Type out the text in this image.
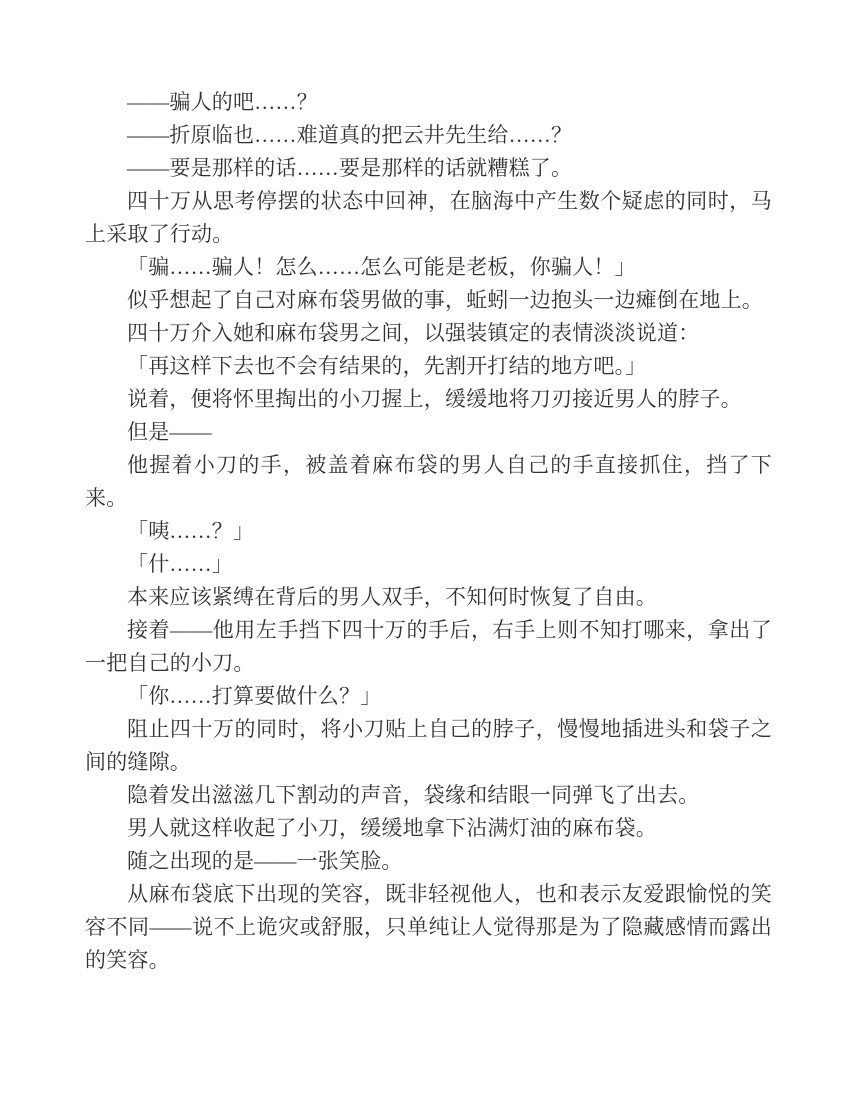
——骗人的吧……？

——折原临也……难道真的把云井先生给……？

——要是那样的话……要是那样的话就糟糕了。

四十万从思考停摆的状态中回神，在脑海中产生数个疑虑的同时，马上采取了行动。

「骗……骗人！怎么……怎么可能是老板，你骗人！」

似乎想起了自己对麻布袋男做的事，蚯蚓一边抱头一边瘫倒在地上。

四十万介入她和麻布袋男之间，以强装镇定的表情淡淡说道：

「再这样下去也不会有结果的，先割开打结的地方吧。」

说着，便将怀里掏出的小刀握上，缓缓地将刀刃接近男人的脖子。

但是——

他握着小刀的手，被盖着麻布袋的男人自己的手直接抓住，挡了下来。

「咦……？」

「什……」

本来应该紧缚在背后的男人双手，不知何时恢复了自由。

接着——他用左手挡下四十万的手后，右手上则不知打哪来，拿出了一把自己的小刀。

「你……打算要做什么？」

阻止四十万的同时，将小刀贴上自己的脖子，慢慢地插进头和袋子之间的缝隙。

隐着发出滋滋几下割动的声音，袋缘和结眼一同弹飞了出去。

男人就这样收起了小刀，缓缓地拿下沾满灯油的麻布袋。

随之出现的是——一张笑脸。

从麻布袋底下出现的笑容，既非轻视他人，也和表示友爱跟愉悦的笑容不同——说不上诡灾或舒服，只单纯让人觉得那是为了隐藏感情而露出的笑容。
